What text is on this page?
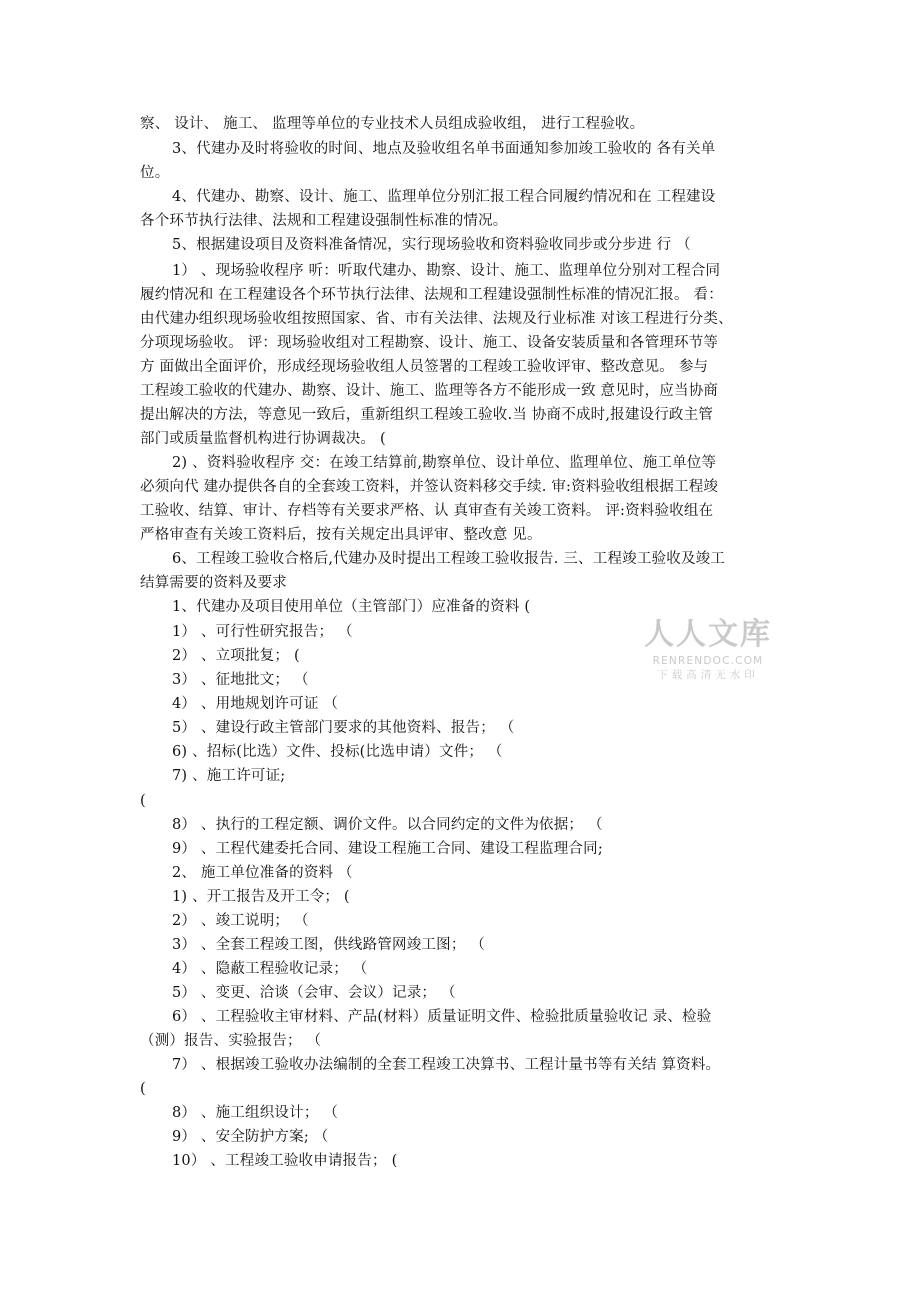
察、 设计、 施工、 监理等单位的专业技术人员组成验收组， 进行工程验收。
3、代建办及时将验收的时间、地点及验收组名单书面通知参加竣工验收的 各有关单
位。
4、代建办、勘察、设计、施工、监理单位分别汇报工程合同履约情况和在 工程建设
各个环节执行法律、法规和工程建设强制性标准的情况。
5、根据建设项目及资料准备情况，实行现场验收和资料验收同步或分步进 行 （
1） 、现场验收程序 听：听取代建办、勘察、设计、施工、监理单位分别对工程合同
履约情况和 在工程建设各个环节执行法律、法规和工程建设强制性标准的情况汇报。 看：
由代建办组织现场验收组按照国家、省、市有关法律、法规及行业标准 对该工程进行分类、
分项现场验收。 评：现场验收组对工程勘察、设计、施工、设备安装质量和各管理环节等
方 面做出全面评价，形成经现场验收组人员签署的工程竣工验收评审、整改意见。 参与
工程竣工验收的代建办、勘察、设计、施工、监理等各方不能形成一致 意见时，应当协商
提出解决的方法，等意见一致后，重新组织工程竣工验收.当 协商不成时,报建设行政主管
部门或质量监督机构进行协调裁决。 (
2) 、资料验收程序 交：在竣工结算前,勘察单位、设计单位、监理单位、施工单位等
必须向代 建办提供各自的全套竣工资料，并签认资料移交手续. 审:资料验收组根据工程竣
工验收、结算、审计、存档等有关要求严格、认 真审查有关竣工资料。 评:资料验收组在
严格审查有关竣工资料后，按有关规定出具评审、整改意 见。
6、工程竣工验收合格后,代建办及时提出工程竣工验收报告. 三、工程竣工验收及竣工
结算需要的资料及要求
1、代建办及项目使用单位（主管部门）应准备的资料 (
1） 、可行性研究报告； （
2） 、立项批复； (
3） 、征地批文； （
4） 、用地规划许可证 （
5） 、建设行政主管部门要求的其他资料、报告； （
6) 、招标(比选）文件、投标(比选申请）文件； （
7) 、施工许可证;
(
8） 、执行的工程定额、调价文件。以合同约定的文件为依据； （
9） 、工程代建委托合同、建设工程施工合同、建设工程监理合同;
2、 施工单位准备的资料 （
1) 、开工报告及开工令； (
2） 、竣工说明； （
3） 、全套工程竣工图，供线路管网竣工图； （
4） 、隐蔽工程验收记录； （
5） 、变更、洽谈（会审、会议）记录； （
6） 、工程验收主审材料、产品(材料）质量证明文件、检验批质量验收记 录、检验
（测）报告、实验报告； （
7） 、根据竣工验收办法编制的全套工程竣工决算书、工程计量书等有关结 算资料。
(
8） 、施工组织设计； （
9） 、安全防护方案; （
10） 、工程竣工验收申请报告； (
人人文库
RENRENDOC.COM
下载高清无水印
